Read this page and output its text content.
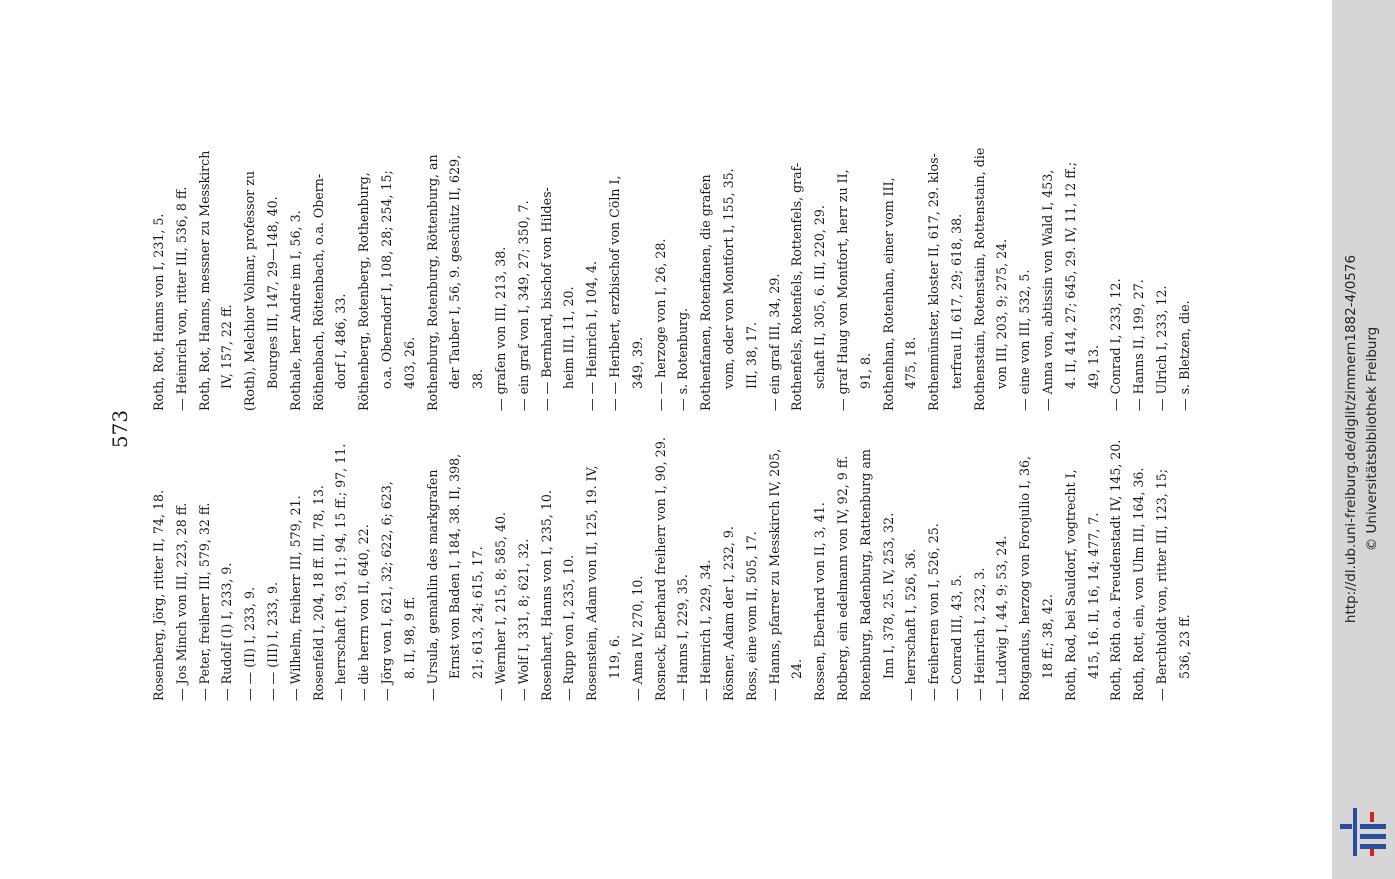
573
Rosenberg, Jörg, ritter II, 74, 18. — Jos Minch von III, 223, 28 ff. — Peter, freiherr III, 579, 32 ff. — Rudolf (I) I, 233, 9. — — (II) I, 233, 9. — — (III) I, 233, 9. — Wilhelm, freiherr III, 579, 21. Rosenfeld I, 204, 18 ff. III, 78, 13. — herrschaft I, 93, 11; 94, 15 ff.; 97, 11. — die herrn von II, 640, 22. — Jörg von I, 621, 32; 622, 6; 623, 8. II, 98, 9 ff. — Ursula, gemahlin des markgrafen Ernst von Baden I, 184, 38. II, 398, 21; 613, 24; 615, 17. — Wernher I, 215, 8; 585, 40. — Wolf I, 331, 8; 621, 32. Rosenhart, Hanns von I, 235, 10. — Rupp von I, 235, 10. Rosenstein, Adam von II, 125, 19. IV, 119, 6. — Anna IV, 270, 10. Rosneck, Eberhard freiherr von I, 90, 29. — Hanns I, 229, 35. — Heinrich I, 229, 34. Rösner, Adam der I, 232, 9. Ross, eine vom II, 505, 17. — Hanns, pfarrer zu Messkirch IV, 205, 24. Rossen, Eberhard von II, 3, 41. Rotberg, ein edelmann von IV, 92, 9 ff. Rotenburg, Radenburg, Rattenburg am Inn I, 378, 25. IV, 253, 32. — herrschaft I, 526, 36. — freiherren von I, 526, 25. — Conrad III, 43, 5. — Heinrich I, 232, 3. — Ludwig I, 44, 9; 53, 24. Rotgandus, herzog von Forojulio I, 36, 18 ff.; 38, 42. Roth, Rod, bei Sauldorf, vogtrecht I, 415, 16. II, 16, 14; 477, 7. Roth, Röth o.a. Freudenstadt IV, 145, 20. Roth, Rott, ein, von Ulm III, 164, 36. — Berchtoldt von, ritter III, 123, 15; 536, 23 ff.
Roth, Rot, Hanns von I, 231, 5. — Heinrich von, ritter III, 536, 8 ff. Roth, Rot, Hanns, messner zu Messkirch IV, 157, 22 ff. (Roth), Melchior Volmar, professor zu Bourges III, 147, 29—148, 40. Rothale, herr Andre im I, 56, 3. Röthenbach, Röttenbach, o.a. Obern- dorf I, 486, 33. Röthenberg, Rotenberg, Rothenburg, o.a. Oberndorf I, 108, 28; 254, 15; 403, 26. Rothenburg, Rotenburg, Röttenburg, an der Tauber I, 56, 9. geschütz II, 629, 38. — grafen von III, 213, 38. — ein graf von I, 349, 27; 350, 7. — — Bernhard, bischof von Hildes- heim III, 11, 20. — — Heinrich I, 104, 4. — — Heribert, erzbischof von Cöln I, 349, 39. — — herzoge von I, 26, 28. — s. Rotenburg. Rothenfanen, Rotenfanen, die grafen vom, oder von Montfort I, 155, 35. III, 38, 17. — ein graf III, 34, 29. Rothenfels, Rotenfels, Rottenfels, graf- schaft II, 305, 6. III, 220, 29. — graf Haug von Montfort, herr zu II, 91, 8. Rothenhan, Rotenhan, einer vom III, 475, 18. Rothenmünster, kloster II, 617, 29. klos- terfrau II, 617, 29; 618, 38. Rothenstain, Rotenstain, Rottenstain, die von III, 203, 9; 275, 24. — eine von III, 532, 5. — Anna von, abtissin von Wald I, 453, 4. II, 414, 27; 645, 29. IV, 11, 12 ff.; 49, 13. — Conrad I, 233, 12. — Hanns II, 199, 27. — Ulrich I, 233, 12. — s. Bletzen, die.	http://dl.ub.uni-freiburg.de/diglit/zimmern1882-4/0576 © Universitätsbibliothek Freiburg
